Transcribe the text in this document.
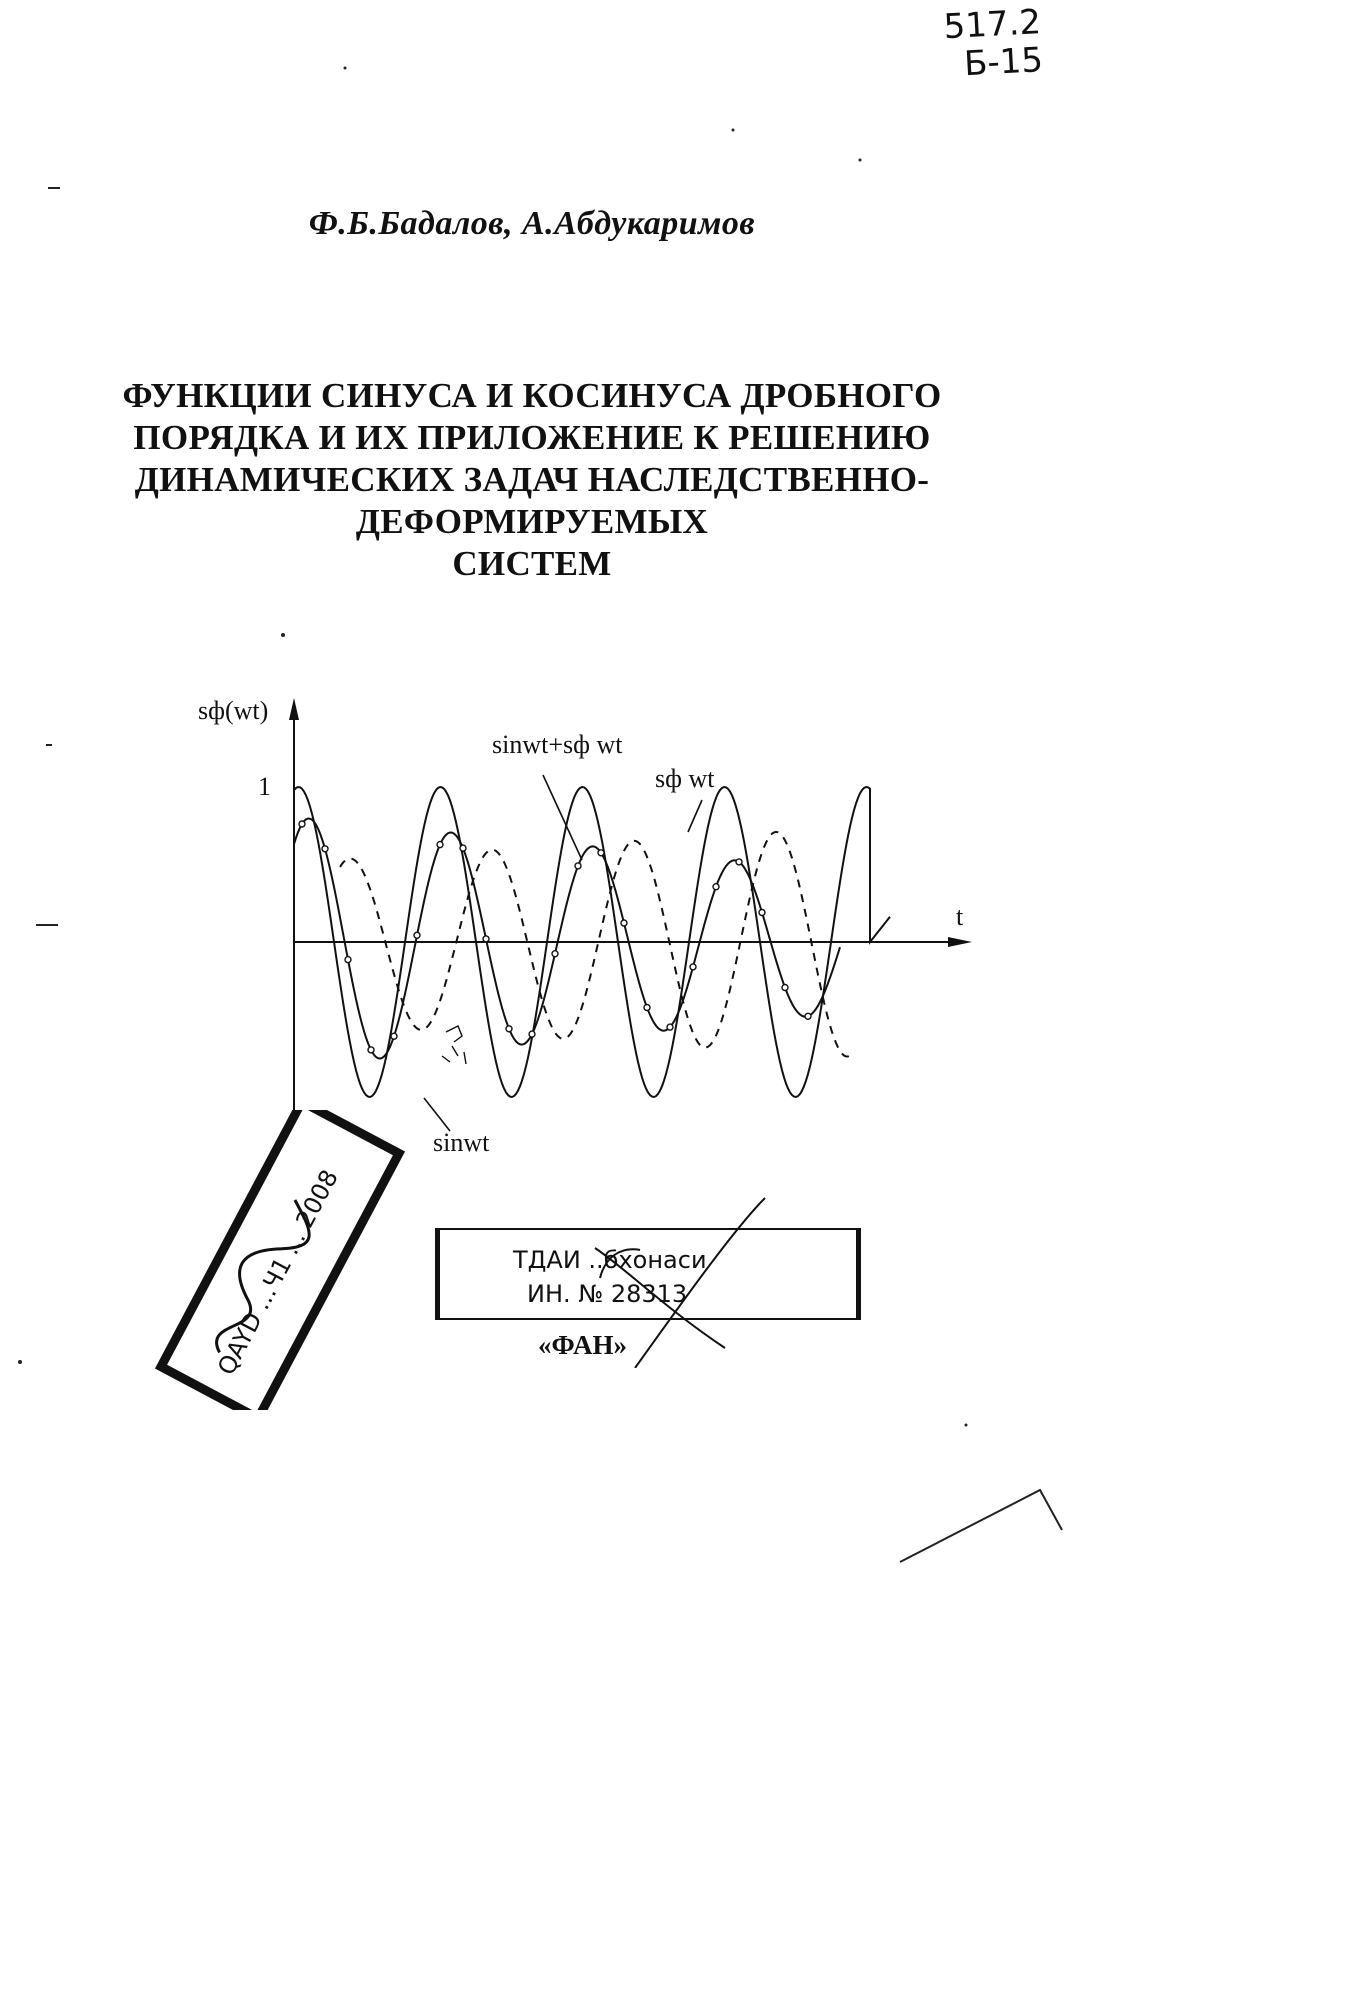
517.2
Б-15
Ф.Б.Бадалов, А.Абдукаримов
ФУНКЦИИ СИНУСА И КОСИНУСА ДРОБНОГО
ПОРЯДКА И ИХ ПРИЛОЖЕНИЕ К РЕШЕНИЮ
ДИНАМИЧЕСКИХ ЗАДАЧ НАСЛЕДСТВЕННО-
ДЕФОРМИРУЕМЫХ
СИСТЕМ
sф(wt)
1
t
sinwt+sф wt
sф wt
sinwt
QAYD ...Ч1 ... 2008	ТДАИ ..бхонаси
ИН. № 28313
«ФАН»
